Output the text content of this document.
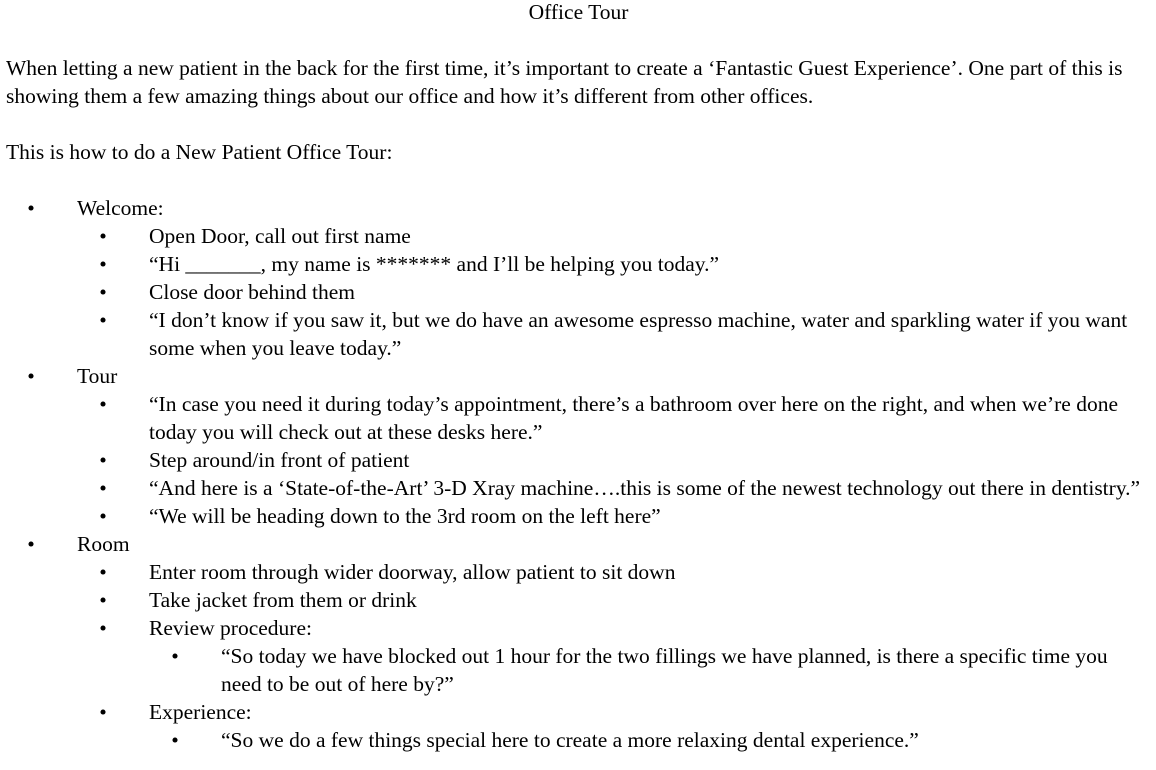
Office Tour

When letting a new patient in the back for the first time, it’s important to create a ‘Fantastic Guest Experience’. One part of this is showing them a few amazing things about our office and how it’s different from other offices.

This is how to do a New Patient Office Tour:

• Welcome:
• Open Door, call out first name
• “Hi _______, my name is ******* and I’ll be helping you today.”
• Close door behind them
• “I don’t know if you saw it, but we do have an awesome espresso machine, water and sparkling water if you want some when you leave today.”
• Tour
• “In case you need it during today’s appointment, there’s a bathroom over here on the right, and when we’re done today you will check out at these desks here.”
• Step around/in front of patient
• “And here is a ‘State-of-the-Art’ 3-D Xray machine….this is some of the newest technology out there in dentistry.”
• “We will be heading down to the 3rd room on the left here”
• Room
• Enter room through wider doorway, allow patient to sit down
• Take jacket from them or drink
• Review procedure:
• “So today we have blocked out 1 hour for the two fillings we have planned, is there a specific time you need to be out of here by?”
• Experience:
• “So we do a few things special here to create a more relaxing dental experience.”
